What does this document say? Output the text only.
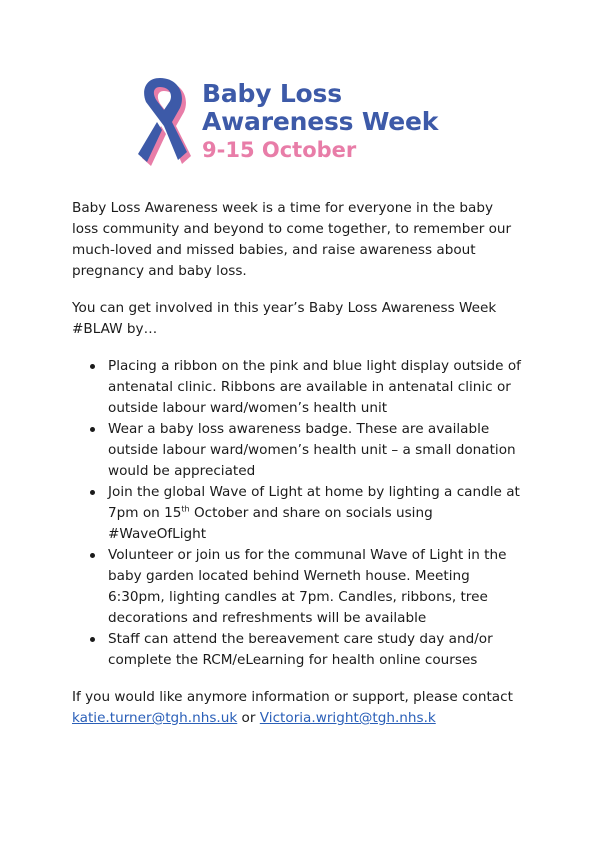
Baby Loss
Awareness Week
9-15 October

Baby Loss Awareness week is a time for everyone in the baby loss community and beyond to come together, to remember our much-loved and missed babies, and raise awareness about pregnancy and baby loss.

You can get involved in this year’s Baby Loss Awareness Week #BLAW by…

Placing a ribbon on the pink and blue light display outside of antenatal clinic. Ribbons are available in antenatal clinic or outside labour ward/women’s health unit
Wear a baby loss awareness badge. These are available outside labour ward/women’s health unit – a small donation would be appreciated
Join the global Wave of Light at home by lighting a candle at 7pm on 15th October and share on socials using #WaveOfLight
Volunteer or join us for the communal Wave of Light in the baby garden located behind Werneth house. Meeting 6:30pm, lighting candles at 7pm. Candles, ribbons, tree decorations and refreshments will be available
Staff can attend the bereavement care study day and/or complete the RCM/eLearning for health online courses

If you would like anymore information or support, please contact katie.turner@tgh.nhs.uk or Victoria.wright@tgh.nhs.k
